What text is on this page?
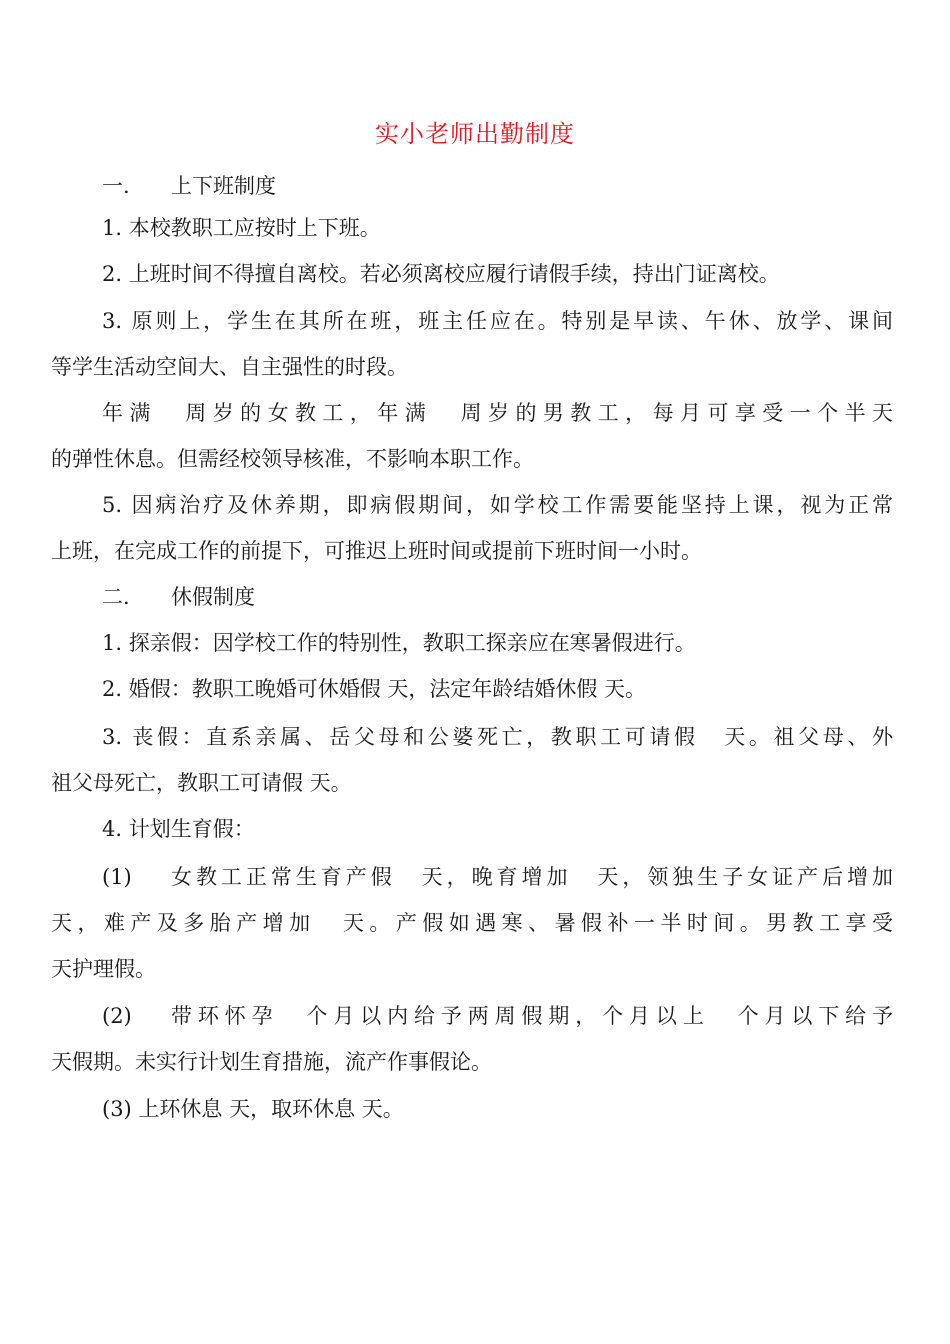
实小老师出勤制度
一. 上下班制度
1. 本校教职工应按时上下班。
2. 上班时间不得擅自离校。若必须离校应履行请假手续，持出门证离校。
3. 原则上，学生在其所在班，班主任应在。特别是早读、午休、放学、课间
等学生活动空间大、自主强性的时段。
年满 周岁的女教工，年满 周岁的男教工，每月可享受一个半天
的弹性休息。但需经校领导核准，不影响本职工作。
5. 因病治疗及休养期，即病假期间，如学校工作需要能坚持上课，视为正常
上班，在完成工作的前提下，可推迟上班时间或提前下班时间一小时。
二. 休假制度
1. 探亲假：因学校工作的特别性，教职工探亲应在寒暑假进行。
2. 婚假：教职工晚婚可休婚假 天，法定年龄结婚休假 天。
3. 丧假：直系亲属、岳父母和公婆死亡，教职工可请假 天。祖父母、外
祖父母死亡，教职工可请假 天。
4. 计划生育假：
(1) 女教工正常生育产假 天，晚育增加 天，领独生子女证产后增加
天，难产及多胎产增加 天。产假如遇寒、暑假补一半时间。男教工享受
天护理假。
(2) 带环怀孕 个月以内给予两周假期，个月以上 个月以下给予
天假期。未实行计划生育措施，流产作事假论。
(3) 上环休息 天，取环休息 天。
